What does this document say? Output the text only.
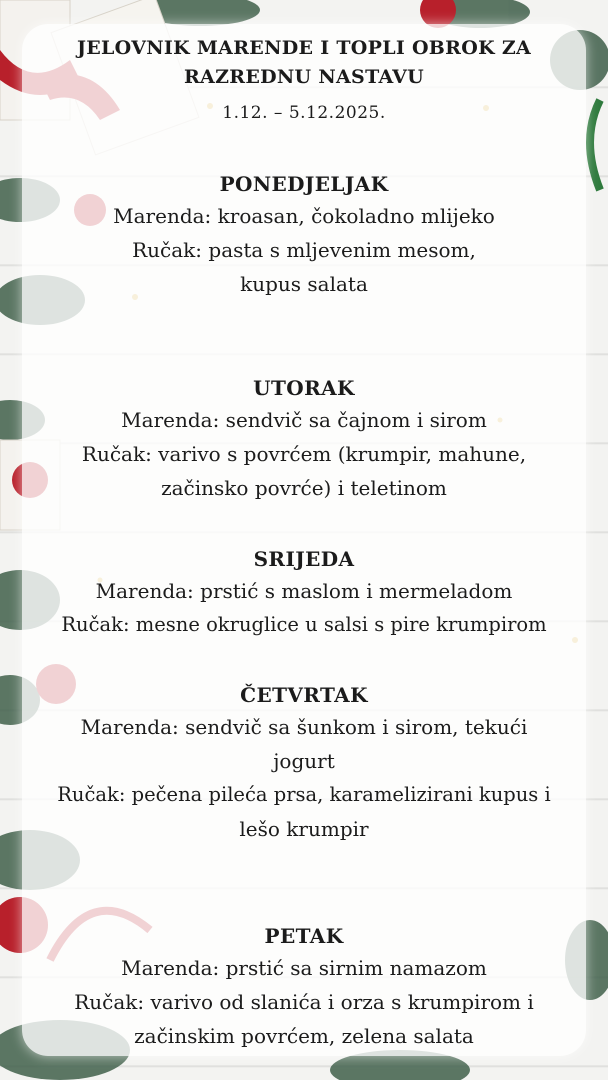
JELOVNIK MARENDE I TOPLI OBROK ZA
RAZREDNU NASTAVU
1.12. – 5.12.2025.
PONEDJELJAK
Marenda: kroasan, čokoladno mlijeko
Ručak: pasta s mljevenim mesom,
kupus salata
UTORAK
Marenda: sendvič sa čajnom i sirom
Ručak: varivo s povrćem (krumpir, mahune,
začinsko povrće) i teletinom
SRIJEDA
Marenda: prstić s maslom i mermeladom
Ručak: mesne okruglice u salsi s pire krumpirom
ČETVRTAK
Marenda: sendvič sa šunkom i sirom, tekući
jogurt
Ručak: pečena pileća prsa, karamelizirani kupus i
lešo krumpir
PETAK
Marenda: prstić sa sirnim namazom
Ručak: varivo od slanića i orza s krumpirom i
začinskim povrćem, zelena salata
